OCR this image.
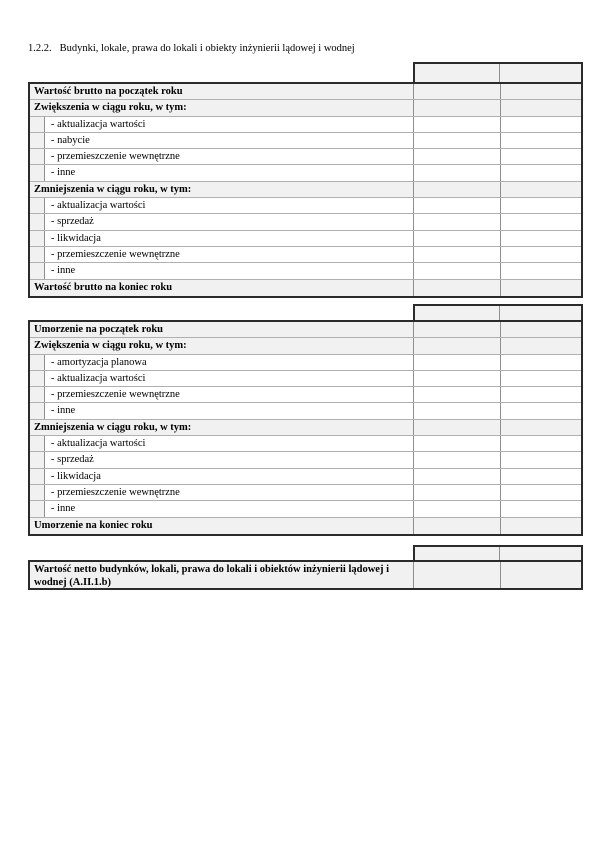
1.2.2. Budynki, lokale, prawa do lokali i obiekty inżynierii lądowej i wodnej
Wartość brutto na początek roku
Zwiększenia w ciągu roku, w tym:
- aktualizacja wartości
- nabycie
- przemieszczenie wewnętrzne
- inne
Zmniejszenia w ciągu roku, w tym:
- aktualizacja wartości
- sprzedaż
- likwidacja
- przemieszczenie wewnętrzne
- inne
Wartość brutto na koniec roku
Umorzenie na początek roku
Zwiększenia w ciągu roku, w tym:
- amortyzacja planowa
- aktualizacja wartości
- przemieszczenie wewnętrzne
- inne
Zmniejszenia w ciągu roku, w tym:
- aktualizacja wartości
- sprzedaż
- likwidacja
- przemieszczenie wewnętrzne
- inne
Umorzenie na koniec roku
Wartość netto budynków, lokali, prawa do lokali i obiektów inżynierii lądowej i wodnej (A.II.1.b)
